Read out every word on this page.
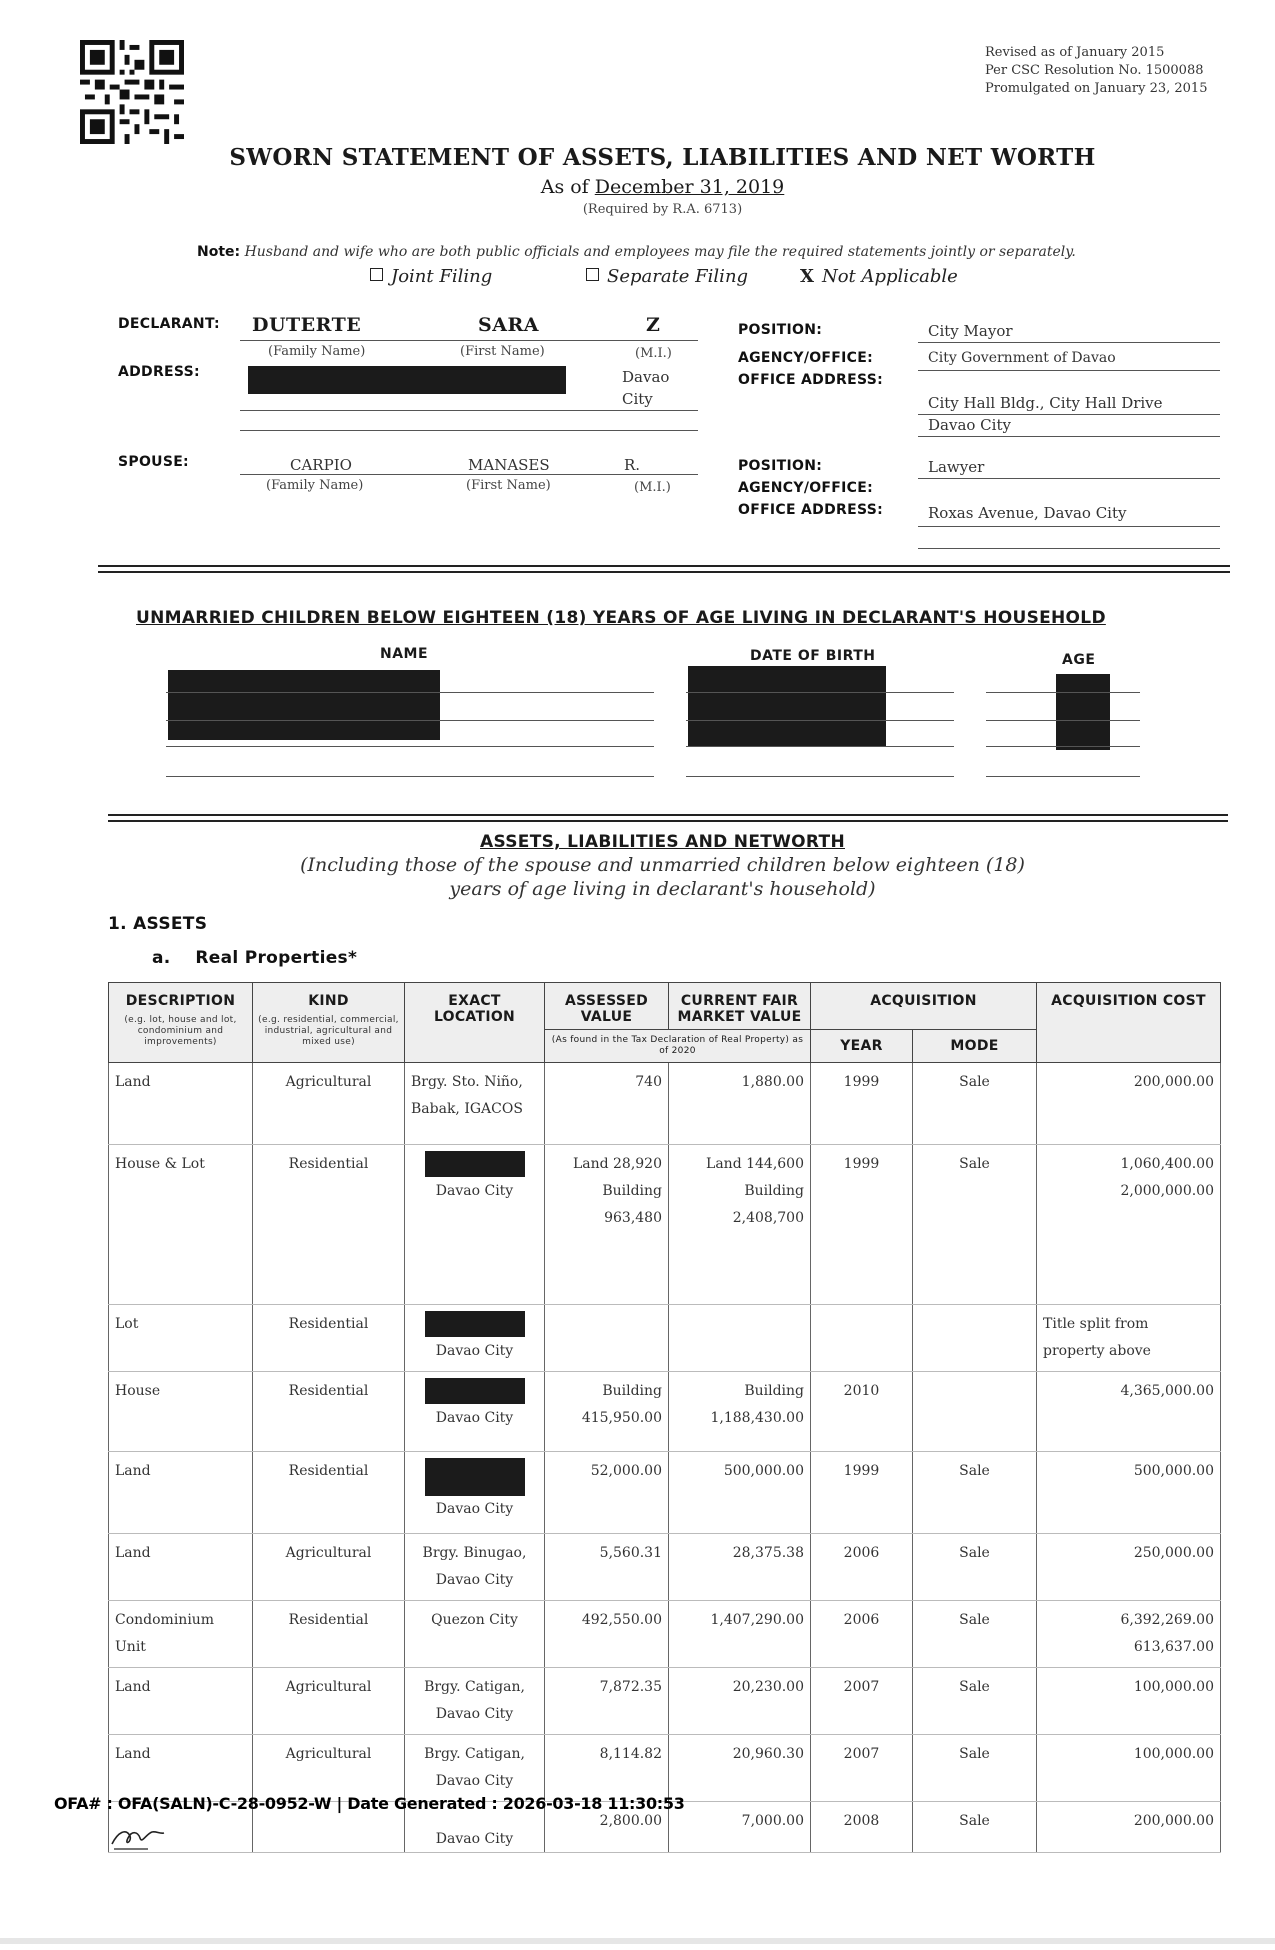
Revised as of January 2015
Per CSC Resolution No. 1500088
Promulgated on January 23, 2015
SWORN STATEMENT OF ASSETS, LIABILITIES AND NET WORTH
As of December 31, 2019
(Required by R.A. 6713)
Note: Husband and wife who are both public officials and employees may file the required statements jointly or separately.
Joint Filing	Separate Filing	X Not Applicable
DECLARANT: DUTERTE	SARA	Z
(Family Name)	(First Name)	(M.I.)
ADDRESS:	Davao
City
POSITION:	City Mayor
AGENCY/OFFICE:	City Government of Davao
OFFICE ADDRESS:
City Hall Bldg., City Hall Drive
Davao City
SPOUSE:	CARPIO	MANASES	R.
(Family Name)	(First Name)	(M.I.)
POSITION:	Lawyer
AGENCY/OFFICE:
OFFICE ADDRESS:	Roxas Avenue, Davao City
UNMARRIED CHILDREN BELOW EIGHTEEN (18) YEARS OF AGE LIVING IN DECLARANT'S HOUSEHOLD
NAME	DATE OF BIRTH	AGE
ASSETS, LIABILITIES AND NETWORTH
(Including those of the spouse and unmarried children below eighteen (18)
years of age living in declarant's household)
1. ASSETS
a.    Real Properties*
DESCRIPTION
(e.g. lot, house and lot, condominium and improvements)	KIND
(e.g. residential, commercial, industrial, agricultural and mixed use)	EXACT LOCATION	ASSESSED VALUE	CURRENT FAIR MARKET VALUE	ACQUISITION		ACQUISITION COST
			(As found in the Tax Declaration of Real Property) as of 2020		YEAR	MODE	
Land	Agricultural	Brgy. Sto. Niño, Babak, IGACOS	740	1,880.00	1999	Sale	200,000.00
House & Lot	Residential	Davao City	Land 28,920 Building 963,480	Land 144,600 Building 2,408,700	1999	Sale	1,060,400.00 2,000,000.00
Lot	Residential	Davao City					Title split from property above
House	Residential	Davao City	Building 415,950.00	Building 1,188,430.00	2010		4,365,000.00
Land	Residential	Davao City	52,000.00	500,000.00	1999	Sale	500,000.00
Land	Agricultural	Brgy. Binugao, Davao City	5,560.31	28,375.38	2006	Sale	250,000.00
Condominium Unit	Residential	Quezon City	492,550.00	1,407,290.00	2006	Sale	6,392,269.00 613,637.00
Land	Agricultural	Brgy. Catigan, Davao City	7,872.35	20,230.00	2007	Sale	100,000.00
Land	Agricultural	Brgy. Catigan, Davao City	8,114.82	20,960.30	2007	Sale	100,000.00
		Davao City	2,800.00	7,000.00	2008	Sale	200,000.00
OFA# : OFA(SALN)-C-28-0952-W | Date Generated : 2026-03-18 11:30:53
